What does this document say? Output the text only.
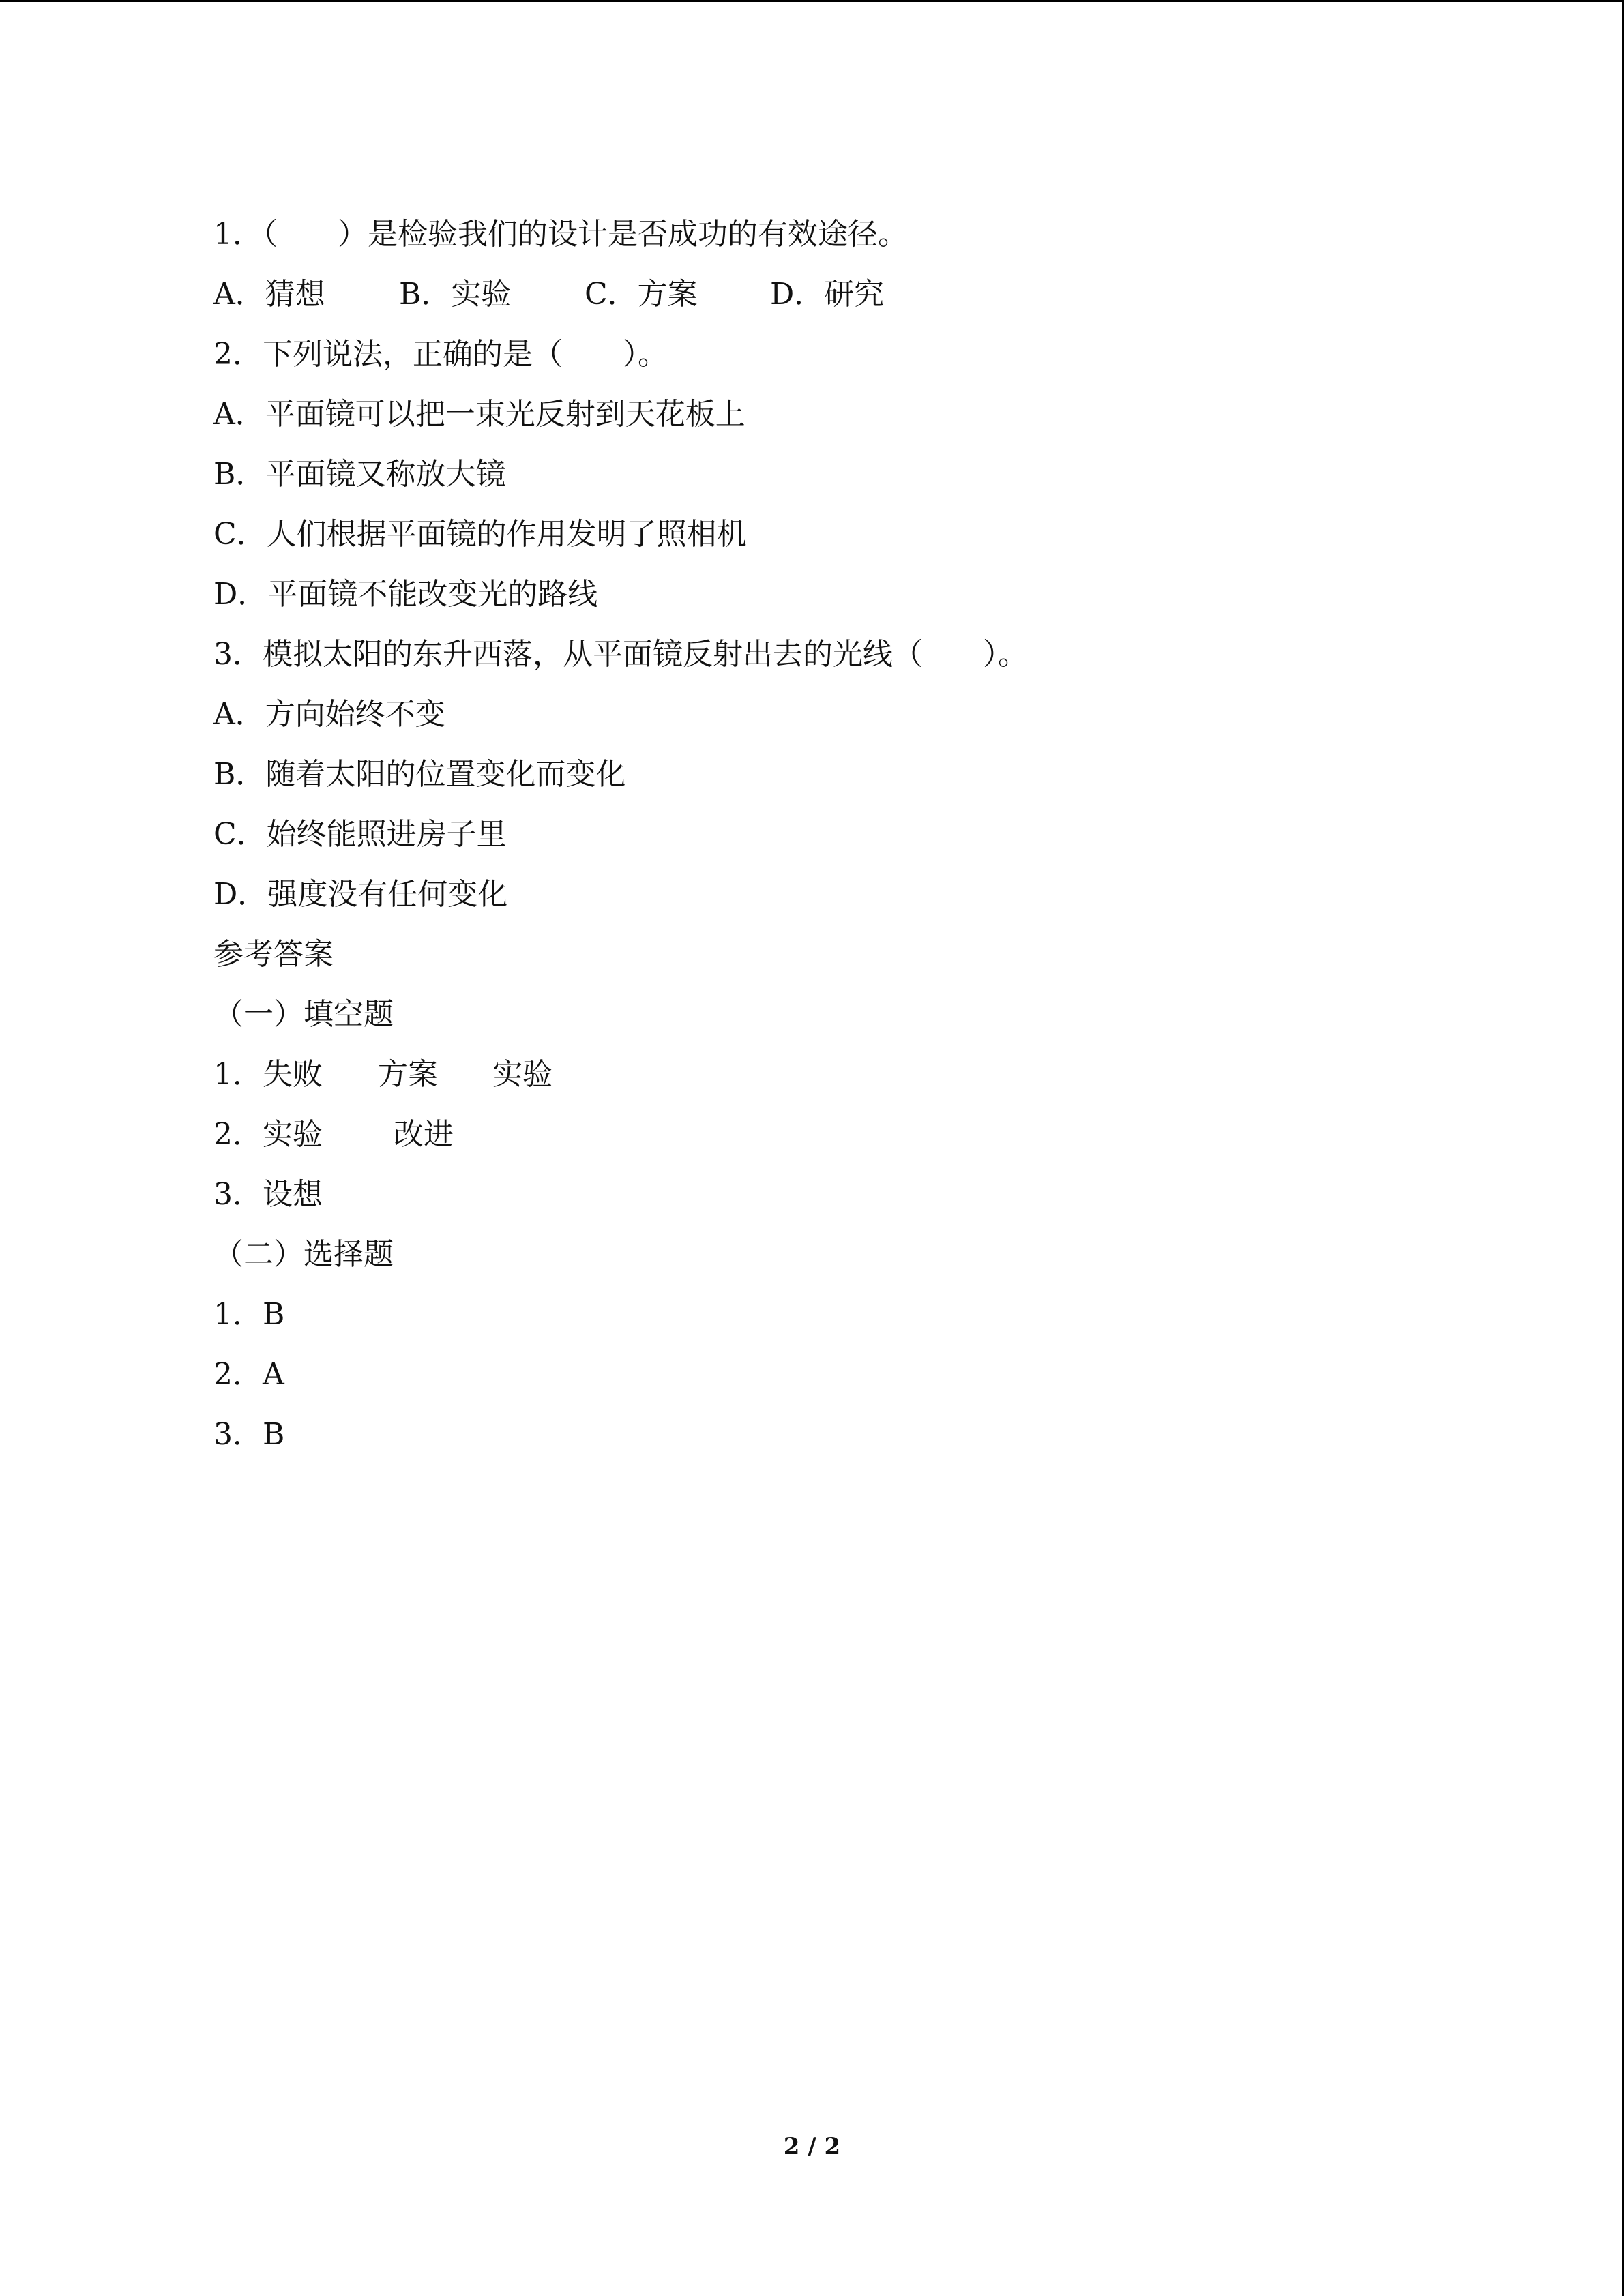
1．（　　）是检验我们的设计是否成功的有效途径。
A．猜想	B．实验	C．方案	D．研究
2．下列说法，正确的是（　　）。
A．平面镜可以把一束光反射到天花板上
B．平面镜又称放大镜
C．人们根据平面镜的作用发明了照相机
D．平面镜不能改变光的路线
3．模拟太阳的东升西落，从平面镜反射出去的光线（　　）。
A．方向始终不变
B．随着太阳的位置变化而变化
C．始终能照进房子里
D．强度没有任何变化
参考答案
（一）填空题
1． 失败	方案	实验
2． 实验	改进
3． 设想
（二）选择题
1．B
2．A
3．B
2 / 2
